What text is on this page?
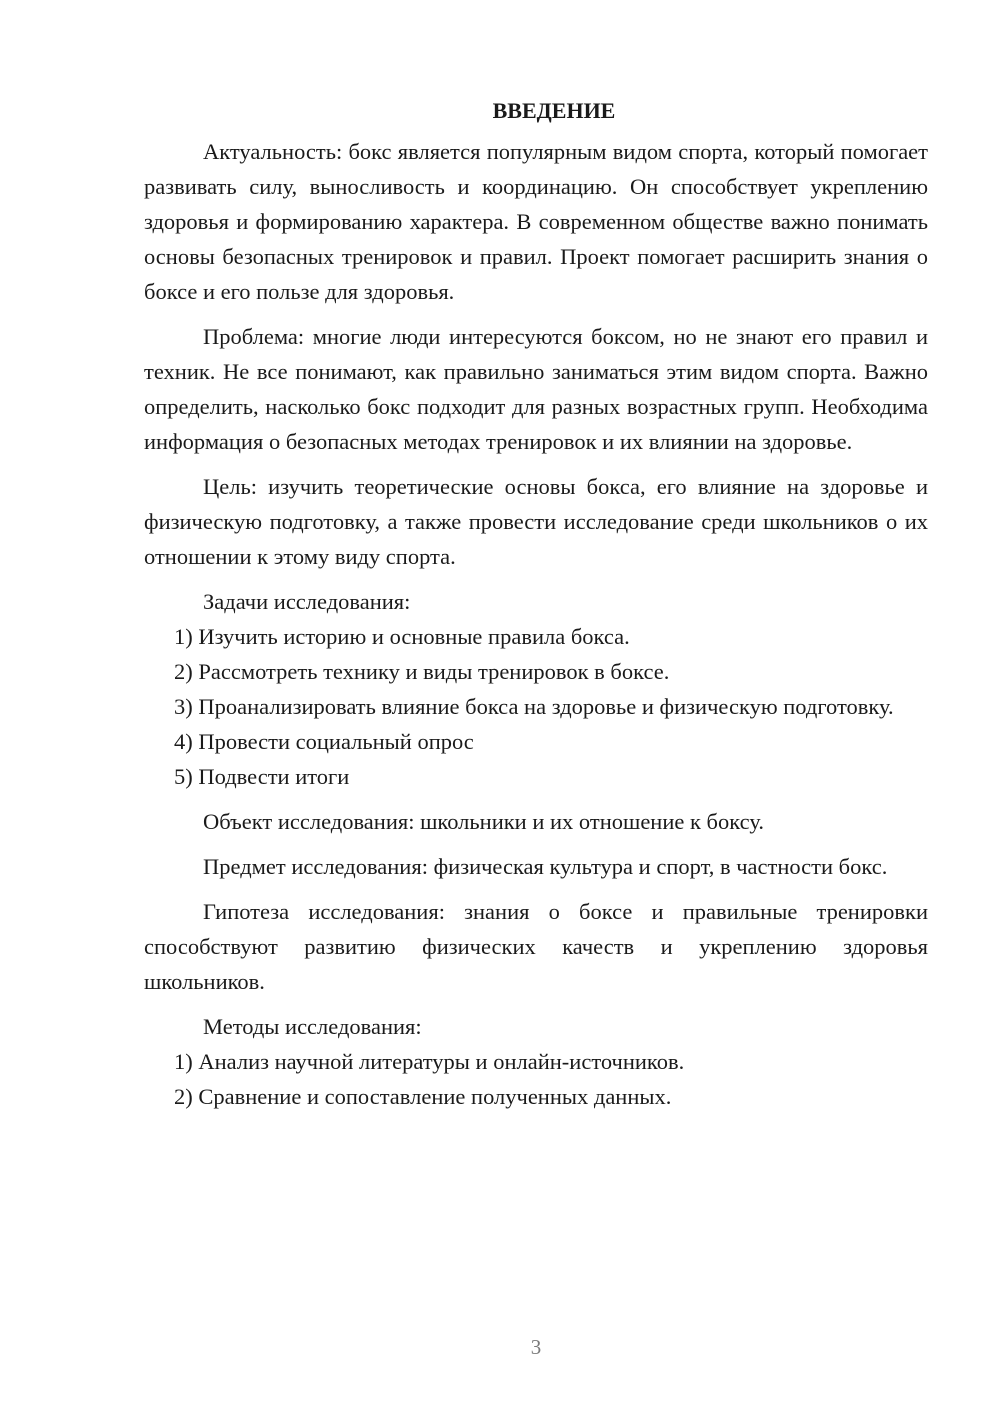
ВВЕДЕНИЕ

Актуальность: бокс является популярным видом спорта, который помогает развивать силу, выносливость и координацию. Он способствует укреплению здоровья и формированию характера. В современном обществе важно понимать основы безопасных тренировок и правил. Проект помогает расширить знания о боксе и его пользе для здоровья.

Проблема: многие люди интересуются боксом, но не знают его правил и техник. Не все понимают, как правильно заниматься этим видом спорта. Важно определить, насколько бокс подходит для разных возрастных групп. Необходима информация о безопасных методах тренировок и их влиянии на здоровье.

Цель: изучить теоретические основы бокса, его влияние на здоровье и физическую подготовку, а также провести исследование среди школьников о их отношении к этому виду спорта.

Задачи исследования:

1) Изучить историю и основные правила бокса.

2) Рассмотреть технику и виды тренировок в боксе.

3) Проанализировать влияние бокса на здоровье и физическую подготовку.

4) Провести социальный опрос

5) Подвести итоги

Объект исследования: школьники и их отношение к боксу.

Предмет исследования: физическая культура и спорт, в частности бокс.

Гипотеза исследования: знания о боксе и правильные тренировки способствуют развитию физических качеств и укреплению здоровья школьников.

Методы исследования:

1) Анализ научной литературы и онлайн-источников.

2) Сравнение и сопоставление полученных данных.

3
